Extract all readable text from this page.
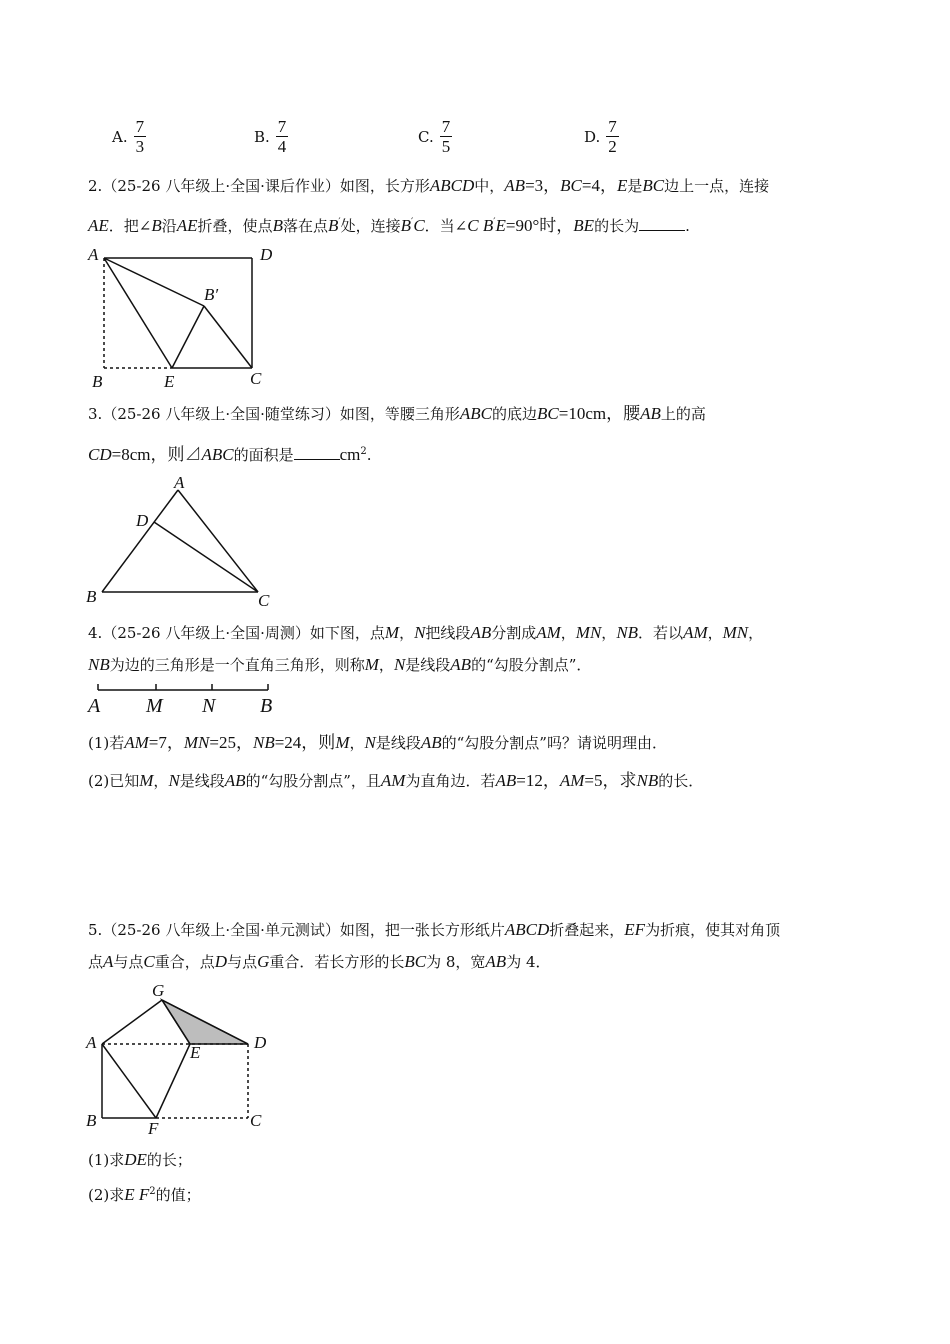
A. $\frac{7}{3}$	B. $\frac{7}{4}$	C. $\frac{7}{5}$	D. $\frac{7}{2}$
2.（25-26 八年级上·全国·课后作业）如图，长方形ABCD中，AB=3，BC=4，E是BC边上一点，连接
AE．把∠B沿AE折叠，使点B落在点B′处，连接B′C．当∠C B′E=90°时，BE的长为	.
A	D
B′
B	E	C
3.（25-26 八年级上·全国·随堂练习）如图，等腰三角形ABC的底边BC=10cm，腰AB上的高
CD=8cm，则⊿ABC的面积是	$cm^2$.
A
D
B	C
4.（25-26 八年级上·全国·周测）如下图，点M，N把线段AB分割成AM，MN，NB．若以AM，MN，
NB为边的三角形是一个直角三角形，则称M，N是线段AB的“勾股分割点”．
A M N B
(1)若AM=7，MN=25，NB=24，则M，N是线段AB的“勾股分割点”吗？请说明理由．
(2)已知M，N是线段AB的“勾股分割点”，且AM为直角边．若AB=12，AM=5，求NB的长．
5.（25-26 八年级上·全国·单元测试）如图，把一张长方形纸片ABCD折叠起来，EF为折痕，使其对角顶
点A与点C重合，点D与点G重合．若长方形的长BC为 8，宽AB为 4．
G
A
E
D
B	F	C
(1)求DE的长；
(2)求E $F^2$的值；
